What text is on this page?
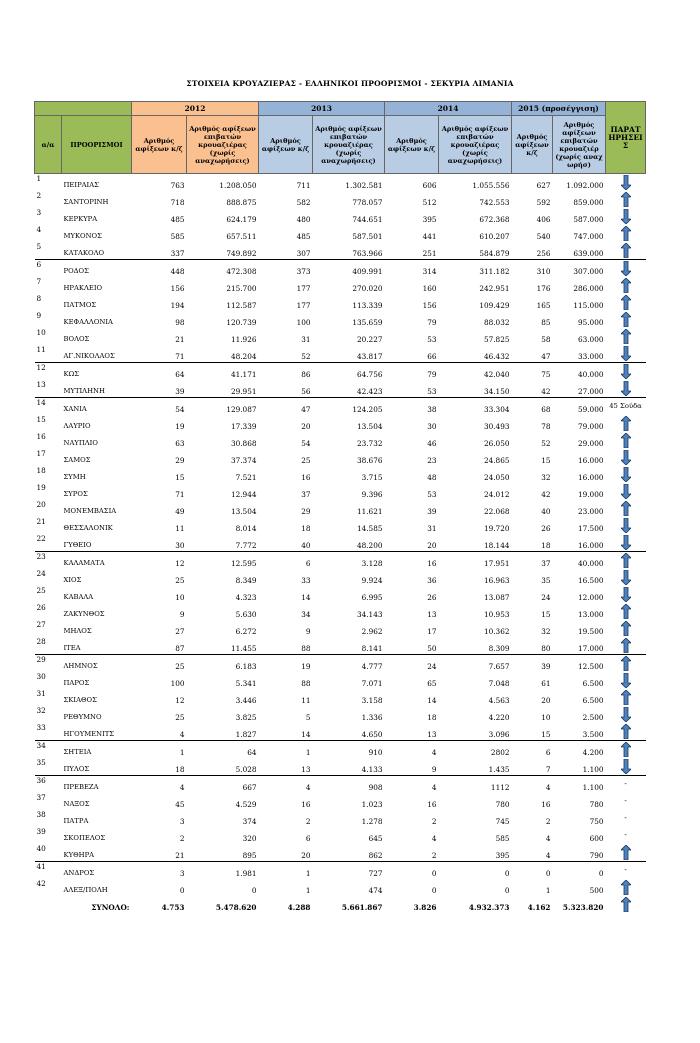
ΣΤΟΙΧΕΙΑ ΚΡΟΥΑΖΙΕΡΑΣ - ΕΛΛΗΝΙΚΟΙ ΠΡΟΟΡΙΣΜΟΙ - ΣΕΚΥΡΙΑ ΛΙΜΑΝΙΑ
		2012		2013		2014		2015 (προσέγγιση)		ΠΑΡΑΤ ΗΡΗΣΕΙ Σ
α/α	ΠΡΟΟΡΙΣΜΟΙ	Αριθμός αφίξεων κ/ζ	Αριθμός αφίξεων επιβατών κρουαζιέρας (χωρίς αναχωρήσεις)	Αριθμός αφίξεων κ/ζ	Αριθμός αφίξεων επιβατών κρουαζιέρας (χωρίς αναχωρήσεις)	Αριθμός αφίξεων κ/ζ	Αριθμός αφίξεων επιβατών κρουαζιέρας (χωρίς αναχωρήσεις)	Αριθμός αφίξεων κ/ζ	Αριθμός αφίξεων επιβατών κρουαζιέρ (χωρίς αναχ ωρήσ)	
1	ΠΕΙΡΑΙΑΣ	763	1.208.050	711	1.302.581	606	1.055.556	627	1.092.000	

2	ΣΑΝΤΟΡΙΝΗ	718	888.875	582	778.057	512	742.553	592	859.000	

3	ΚΕΡΚΥΡΑ	485	624.179	480	744.651	395	672.368	406	587.000	

4	ΜΥΚΟΝΟΣ	585	657.511	485	587.501	441	610.207	540	747.000	

5	ΚΑΤΑΚΟΛΟ	337	749.892	307	763.966	251	584.879	256	639.000	

6	ΡΟΔΟΣ	448	472.308	373	409.991	314	311.182	310	307.000	

7	ΗΡΑΚΛΕΙΟ	156	215.700	177	270.020	160	242.951	176	286.000	

8	ΠΑΤΜΟΣ	194	112.587	177	113.339	156	109.429	165	115.000	

9	ΚΕΦΑΛΛΟΝΙΑ	98	120.739	100	135.659	79	88.032	85	95.000	

10	ΒΟΛΟΣ	21	11.926	31	20.227	53	57.825	58	63.000	

11	ΑΓ.ΝΙΚΟΛΑΟΣ	71	48.204	52	43.817	66	46.432	47	33.000	

12	ΚΩΣ	64	41.171	86	64.756	79	42.040	75	40.000	

13	ΜΥΤΙΛΗΝΗ	39	29.951	56	42.423	53	34.150	42	27.000	

14	ΧΑΝΙΑ	54	129.087	47	124.205	38	33.304	68	59.000	45 Σούδα
15	ΛΑΥΡΙΟ	19	17.339	20	13.504	30	30.493	78	79.000	

16	ΝΑΥΠΛΙΟ	63	30.868	54	23.732	46	26.050	52	29.000	

17	ΣΑΜΟΣ	29	37.374	25	38.676	23	24.865	15	16.000	

18	ΣΥΜΗ	15	7.521	16	3.715	48	24.050	32	16.000	

19	ΣΥΡΟΣ	71	12.944	37	9.396	53	24.012	42	19.000	

20	ΜΟΝΕΜΒΑΣΙΑ	49	13.504	29	11.621	39	22.068	40	23.000	

21	ΘΕΣΣΑΛΟΝΙΚ	11	8.014	18	14.585	31	19.720	26	17.500	

22	ΓΥΘΕΙΟ	30	7.772	40	48.200	20	18.144	18	16.000	

23	ΚΑΛΑΜΑΤΑ	12	12.595	6	3.128	16	17.951	37	40.000	

24	ΧΙΟΣ	25	8.349	33	9.924	36	16.963	35	16.500	

25	ΚΑΒΑΛΑ	10	4.323	14	6.995	26	13.087	24	12.000	

26	ΖΑΚΥΝΘΟΣ	9	5.630	34	34.143	13	10.953	15	13.000	

27	ΜΗΛΟΣ	27	6.272	9	2.962	17	10.362	32	19.500	

28	ΙΤΕΑ	87	11.455	88	8.141	50	8.309	80	17.000	

29	ΛΗΜΝΟΣ	25	6.183	19	4.777	24	7.657	39	12.500	

30	ΠΑΡΟΣ	100	5.341	88	7.071	65	7.048	61	6.500	

31	ΣΚΙΑΘΟΣ	12	3.446	11	3.158	14	4.563	20	6.500	

32	ΡΕΘΥΜΝΟ	25	3.825	5	1.336	18	4.220	10	2.500	

33	ΗΓΟΥΜΕΝΙΤΣ	4	1.827	14	4.650	13	3.096	15	3.500	

34	ΣΗΤΕΙΑ	1	64	1	910	4	2802	6	4.200	

35	ΠΥΛΟΣ	18	5.028	13	4.133	9	1.435	7	1.100	

36	ΠΡΕΒΕΖΑ	4	667	4	908	4	1112	4	1.100	-
37	ΝΑΞΟΣ	45	4.529	16	1.023	16	780	16	780	-
38	ΠΑΤΡΑ	3	374	2	1.278	2	745	2	750	-
39	ΣΚΟΠΕΛΟΣ	2	320	6	645	4	585	4	600	-
40	ΚΥΘΗΡΑ	21	895	20	862	2	395	4	790	

41	ΑΝΔΡΟΣ	3	1.981	1	727	0	0	0	0	-
42	ΑΛΕΞ/ΠΟΛΗ	0	0	1	474	0	0	1	500	

	ΣΥΝΟΛΟ:	4.753	5.478.620	4.288	5.661.867	3.826	4.932.373	4.162	5.323.820	
